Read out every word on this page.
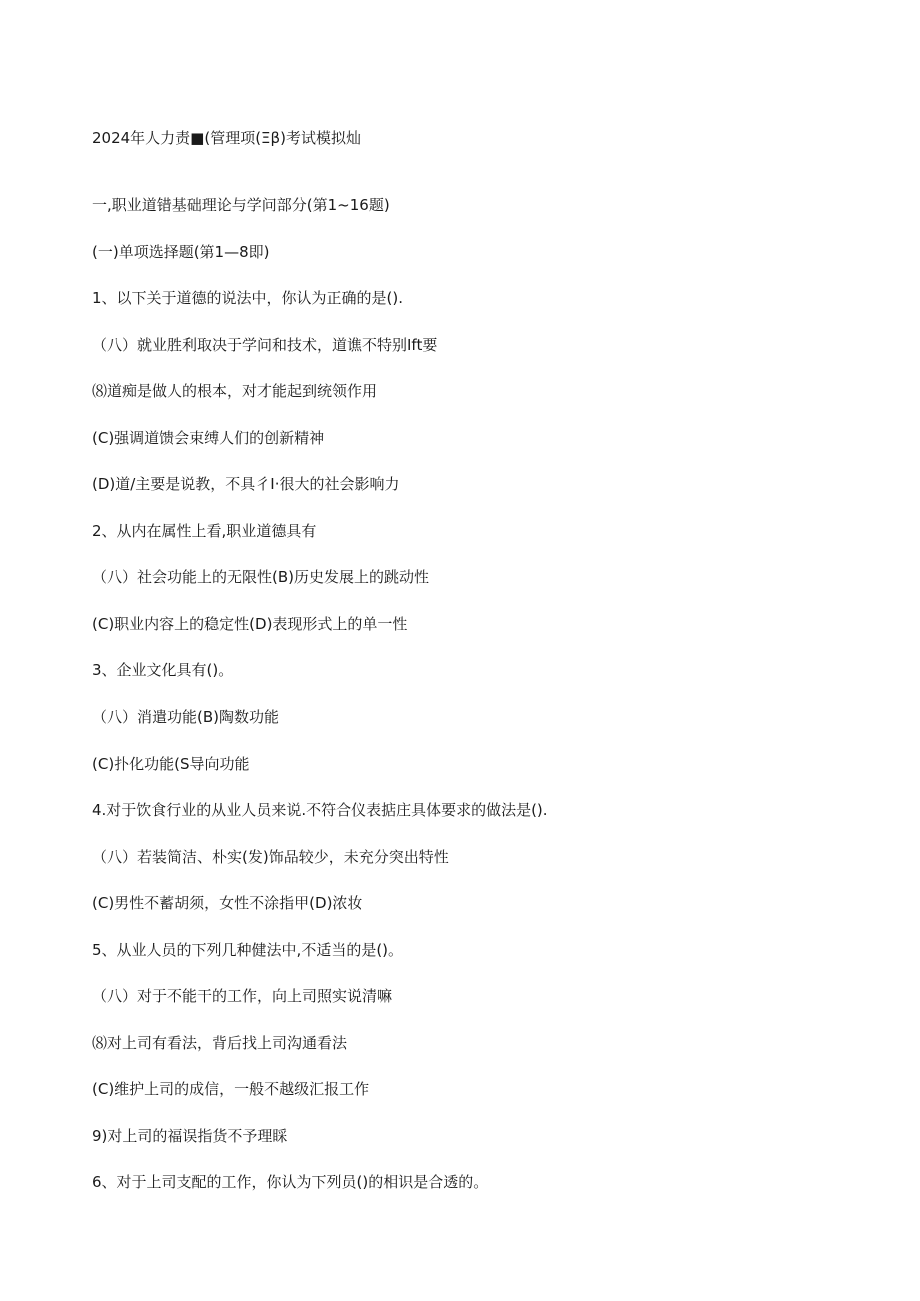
2024年人力责■(管理项(Ξβ)考试模拟灿
一,职业道错基础理论与学问部分(第1~16题)
(一)单项选择题(第1—8即)
1、以下关于道德的说法中，你认为正确的是().
（八）就业胜利取决于学问和技术，道谯不特别Ift要
⑻道痴是做人的根本，对才能起到统领作用
(C)强调道馈会束缚人们的创新精神
(D)道/主要是说教，不具彳I·很大的社会影响力
2、从内在属性上看,职业道德具有
（八）社会功能上的无限性(B)历史发展上的跳动性
(C)职业内容上的稳定性(D)表现形式上的单一性
3、企业文化具有()。
（八）消遣功能(B)陶数功能
(C)扑化功能(S导向功能
4.对于饮食行业的从业人员来说.不符合仪表掂庄具体要求的做法是().
（八）若装简洁、朴实(发)饰品较少，未充分突出特性
(C)男性不蓄胡须，女性不涂指甲(D)浓妆
5、从业人员的下列几种健法中,不适当的是()。
（八）对于不能干的工作，向上司照实说清嘛
⑻对上司有看法，背后找上司沟通看法
(C)维护上司的成信，一般不越级汇报工作
9)对上司的福误指货不予理睬
6、对于上司支配的工作，你认为下列员()的相识是合透的。
